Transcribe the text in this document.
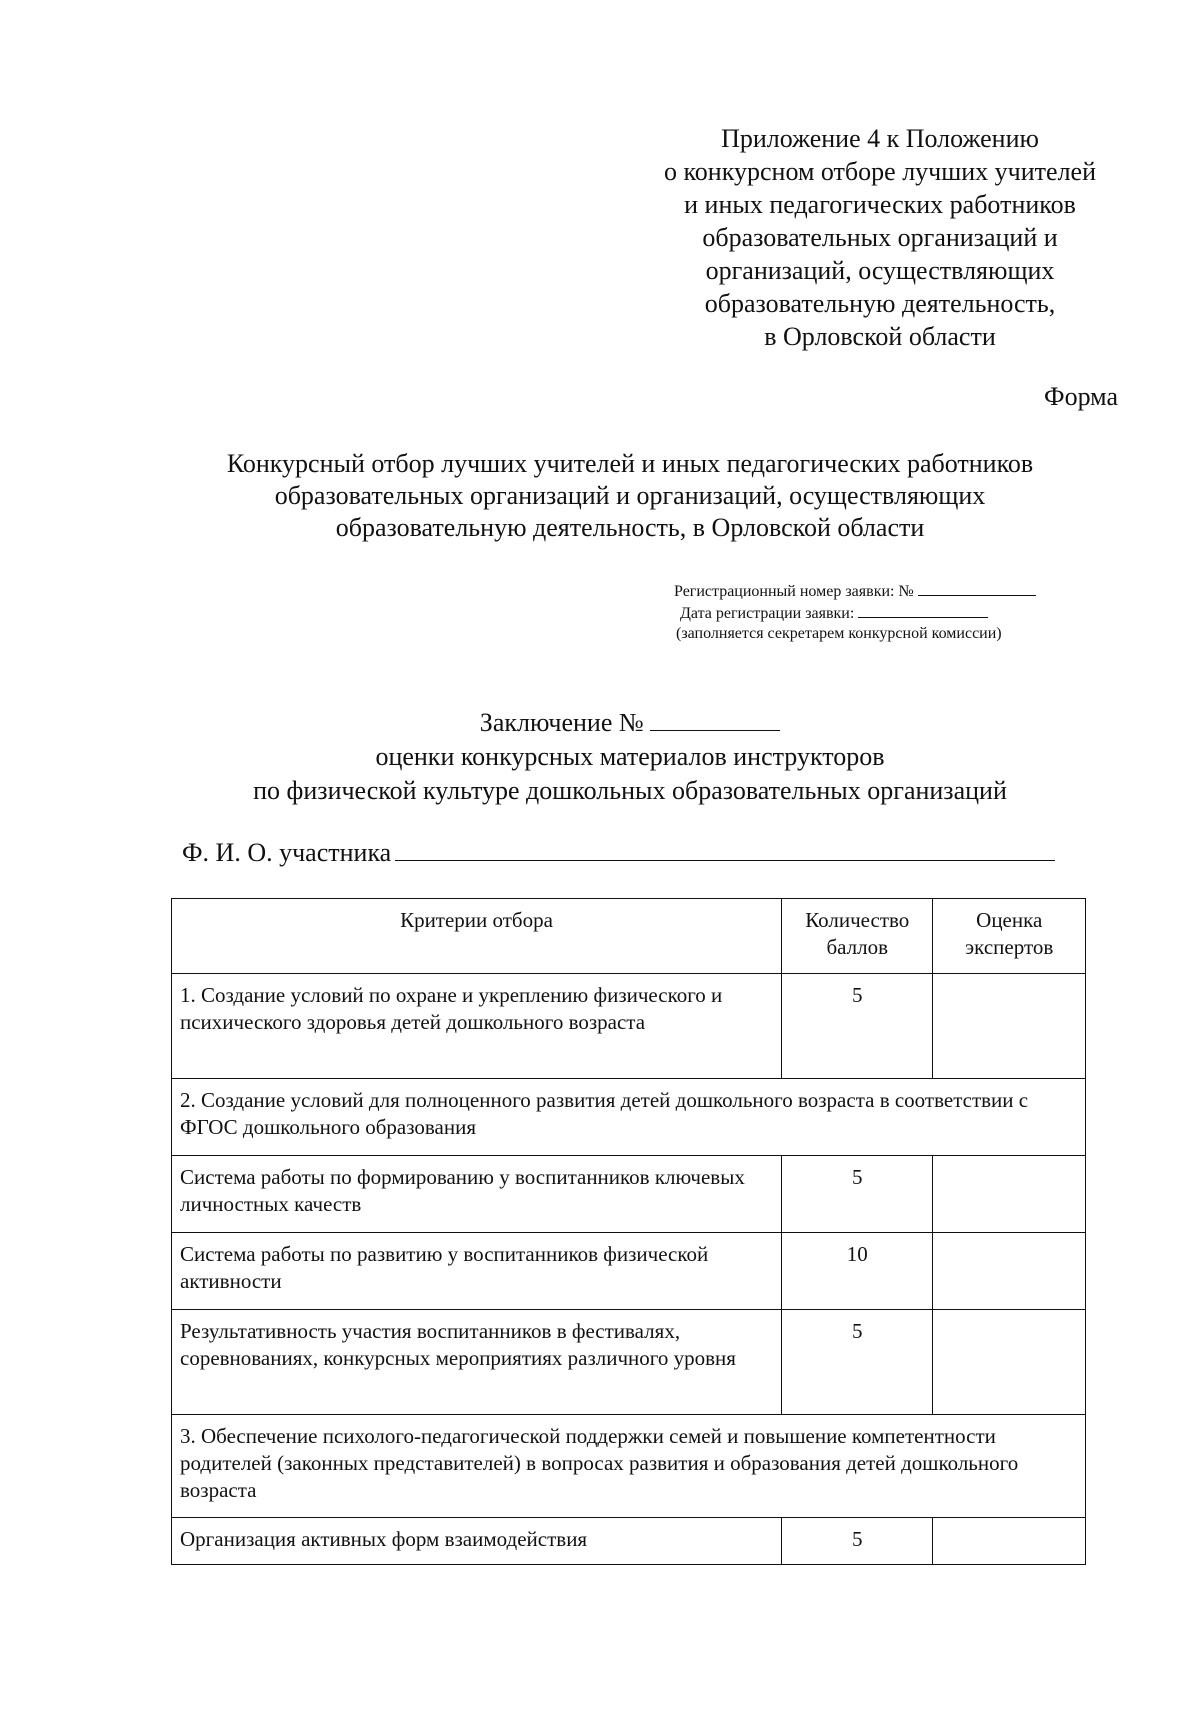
Приложение 4 к Положению
о конкурсном отборе лучших учителей
и иных педагогических работников
образовательных организаций и
организаций, осуществляющих
образовательную деятельность,
в Орловской области
Форма
Конкурсный отбор лучших учителей и иных педагогических работников
образовательных организаций и организаций, осуществляющих
образовательную деятельность, в Орловской области
Регистрационный номер заявки: №
Дата регистрации заявки:
(заполняется секретарем конкурсной комиссии)
Заключение №
оценки конкурсных материалов инструкторов
по физической культуре дошкольных образовательных организаций
Ф. И. О. участника
Критерии отбора	Количество баллов	Оценка экспертов
1. Создание условий по охране и укреплению физического и психического здоровья детей дошкольного возраста	5	
2. Создание условий для полноценного развития детей дошкольного возраста в соответствии с ФГОС дошкольного образования		
Система работы по формированию у воспитанников ключевых личностных качеств	5	
Система работы по развитию у воспитанников физической активности	10	
Результативность участия воспитанников в фестивалях, соревнованиях, конкурсных мероприятиях различного уровня	5	
3. Обеспечение психолого-педагогической поддержки семей и повышение компетентности родителей (законных представителей) в вопросах развития и образования детей дошкольного возраста		
Организация активных форм взаимодействия	5	
